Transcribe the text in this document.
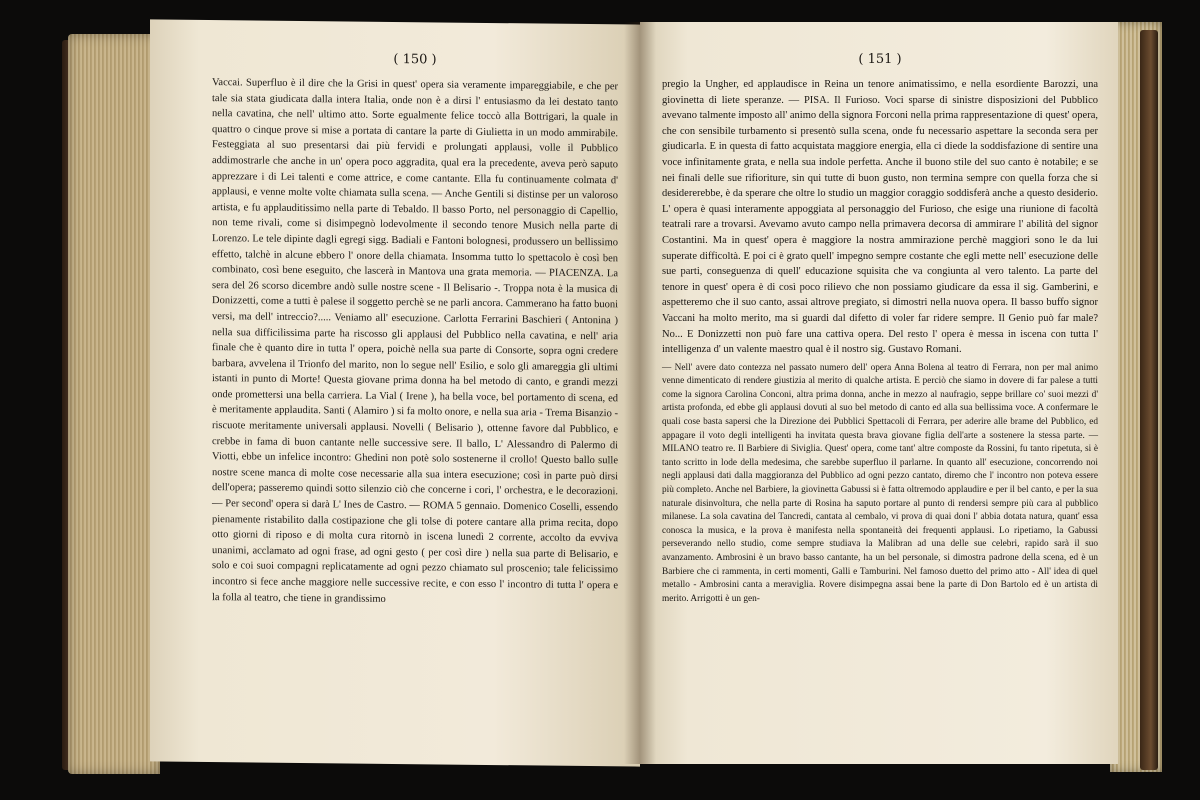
( 150 )
Vaccai. Superfluo è il dire che la Grisi in quest' opera sia veramente impareggiabile, e che per tale sia stata giudicata dalla intera Italia, onde non è a dirsi l' entusiasmo da lei destato tanto nella cavatina, che nell' ultimo atto. Sorte egualmente felice toccò alla Bottrigari, la quale in quattro o cinque prove si mise a portata di cantare la parte di Giulietta in un modo ammirabile. Festeggiata al suo presentarsi dai più fervidi e prolungati applausi, volle il Pubblico addimostrarle che anche in un' opera poco aggradita, qual era la precedente, aveva però saputo apprezzare i di Lei talenti e come attrice, e come cantante. Ella fu continuamente colmata d' applausi, e venne molte volte chiamata sulla scena. — Anche Gentili si distinse per un valoroso artista, e fu applauditissimo nella parte di Tebaldo. Il basso Porto, nel personaggio di Capellio, non teme rivali, come si disimpegnò lodevolmente il secondo tenore Musich nella parte di Lorenzo. Le tele dipinte dagli egregi sigg. Badiali e Fantoni bolognesi, produssero un bellissimo effetto, talchè in alcune ebbero l' onore della chiamata. Insomma tutto lo spettacolo è così ben combinato, così bene eseguito, che lascerà in Mantova una grata memoria. — PIACENZA. La sera del 26 scorso dicembre andò sulle nostre scene - Il Belisario -. Troppa nota è la musica di Donizzetti, come a tutti è palese il soggetto perchè se ne parli ancora. Cammerano ha fatto buoni versi, ma dell' intreccio?..... Veniamo all' esecuzione. Carlotta Ferrarini Baschieri ( Antonina ) nella sua difficilissima parte ha riscosso gli applausi del Pubblico nella cavatina, e nell' aria finale che è quanto dire in tutta l' opera, poichè nella sua parte di Consorte, sopra ogni credere barbara, avvelena il Trionfo del marito, non lo segue nell' Esilio, e solo gli amareggia gli ultimi istanti in punto di Morte! Questa giovane prima donna ha bel metodo di canto, e grandi mezzi onde promettersi una bella carriera. La Vial ( Irene ), ha bella voce, bel portamento di scena, ed è meritamente applaudita. Santi ( Alamiro ) si fa molto onore, e nella sua aria - Trema Bisanzio - riscuote meritamente universali applausi. Novelli ( Belisario ), ottenne favore dal Pubblico, e crebbe in fama di buon cantante nelle successive sere. Il ballo, L' Alessandro di Palermo di Viotti, ebbe un infelice incontro: Ghedini non potè solo sostenerne il crollo! Questo ballo sulle nostre scene manca di molte cose necessarie alla sua intera esecuzione; così in parte può dirsi dell'opera; passeremo quindi sotto silenzio ciò che concerne i cori, l' orchestra, e le decorazioni. — Per second' opera si darà L' Ines de Castro. — ROMA 5 gennaio. Domenico Coselli, essendo pienamente ristabilito dalla costipazione che gli tolse di potere cantare alla prima recita, dopo otto giorni di riposo e di molta cura ritornò in iscena lunedì 2 corrente, accolto da evviva unanimi, acclamato ad ogni frase, ad ogni gesto ( per così dire ) nella sua parte di Belisario, e solo e coi suoi compagni replicatamente ad ogni pezzo chiamato sul proscenio; tale felicissimo incontro si fece anche maggiore nelle successive recite, e con esso l' incontro di tutta l' opera e la folla al teatro, che tiene in grandissimo
( 151 )
pregio la Ungher, ed applaudisce in Reina un tenore animatissimo, e nella esordiente Barozzi, una giovinetta di liete speranze. — PISA. Il Furioso. Voci sparse di sinistre disposizioni del Pubblico avevano talmente imposto all' animo della signora Forconi nella prima rappresentazione di quest' opera, che con sensibile turbamento si presentò sulla scena, onde fu necessario aspettare la seconda sera per giudicarla. E in questa di fatto acquistata maggiore energia, ella ci diede la soddisfazione di sentire una voce infinitamente grata, e nella sua indole perfetta. Anche il buono stile del suo canto è notabile; e se nei finali delle sue rifioriture, sin qui tutte di buon gusto, non termina sempre con quella forza che si desidererebbe, è da sperare che oltre lo studio un maggior coraggio soddisferà anche a questo desiderio. L' opera è quasi interamente appoggiata al personaggio del Furioso, che esige una riunione di facoltà teatrali rare a trovarsi. Avevamo avuto campo nella primavera decorsa di ammirare l' abilità del signor Costantini. Ma in quest' opera è maggiore la nostra ammirazione perchè maggiori sono le da lui superate difficoltà. E poi ci è grato quell' impegno sempre costante che egli mette nell' esecuzione delle sue parti, conseguenza di quell' educazione squisita che va congiunta al vero talento. La parte del tenore in quest' opera è di così poco rilievo che non possiamo giudicare da essa il sig. Gamberini, e aspetteremo che il suo canto, assai altrove pregiato, si dimostri nella nuova opera. Il basso buffo signor Vaccani ha molto merito, ma si guardi dal difetto di voler far ridere sempre. Il Genio può far male? No... E Donizzetti non può fare una cattiva opera. Del resto l' opera è messa in iscena con tutta l' intelligenza d' un valente maestro qual è il nostro sig. Gustavo Romani.
— Nell' avere dato contezza nel passato numero dell' opera Anna Bolena al teatro di Ferrara, non per mal animo venne dimenticato di rendere giustizia al merito di qualche artista. E perciò che siamo in dovere di far palese a tutti come la signora Carolina Conconi, altra prima donna, anche in mezzo al naufragio, seppe brillare co' suoi mezzi d' artista profonda, ed ebbe gli applausi dovuti al suo bel metodo di canto ed alla sua bellissima voce. A confermare le quali cose basta sapersi che la Direzione dei Pubblici Spettacoli di Ferrara, per aderire alle brame del Pubblico, ed appagare il voto degli intelligenti ha invitata questa brava giovane figlia dell'arte a sostenere la stessa parte. — MILANO teatro re. Il Barbiere di Siviglia. Quest' opera, come tant' altre composte da Rossini, fu tanto ripetuta, si è tanto scritto in lode della medesima, che sarebbe superfluo il parlarne. In quanto all' esecuzione, concorrendo noi negli applausi dati dalla maggioranza del Pubblico ad ogni pezzo cantato, diremo che l' incontro non poteva essere più completo. Anche nel Barbiere, la giovinetta Gabussi si è fatta oltremodo applaudire e per il bel canto, e per la sua naturale disinvoltura, che nella parte di Rosina ha saputo portare al punto di rendersi sempre più cara al pubblico milanese. La sola cavatina del Tancredi, cantata al cembalo, vi prova di quai doni l' abbia dotata natura, quant' essa conosca la musica, e la prova è manifesta nella spontaneità dei frequenti applausi. Lo ripetiamo, la Gabussi perseverando nello studio, come sempre studiava la Malibran ad una delle sue celebri, rapido sarà il suo avanzamento. Ambrosini è un bravo basso cantante, ha un bel personale, si dimostra padrone della scena, ed è un Barbiere che ci rammenta, in certi momenti, Galli e Tamburini. Nel famoso duetto del primo atto - All' idea di quel metallo - Ambrosini canta a meraviglia. Rovere disimpegna assai bene la parte di Don Bartolo ed è un artista di merito. Arrigotti è un gen-
